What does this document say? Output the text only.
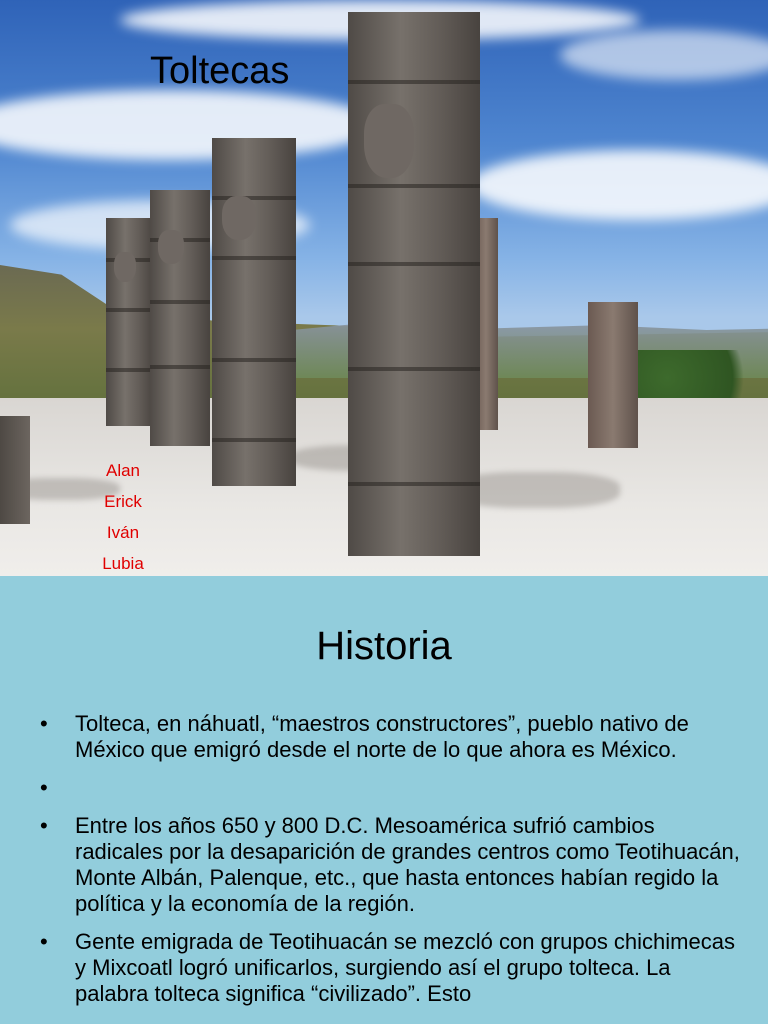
Toltecas
Alan
Erick
Iván
Lubia
Historia
• Tolteca, en náhuatl, “maestros constructores”, pueblo nativo de México que emigró desde el norte de lo que ahora es México.
•
• Entre los años 650 y 800 D.C. Mesoamérica sufrió cambios radicales por la desaparición de grandes centros como Teotihuacán, Monte Albán, Palenque, etc., que hasta entonces habían regido la política y la economía de la región.
• Gente emigrada de Teotihuacán se mezcló con grupos chichimecas y Mixcoatl logró unificarlos, surgiendo así el grupo tolteca. La palabra tolteca significa “civilizado”. Esto
